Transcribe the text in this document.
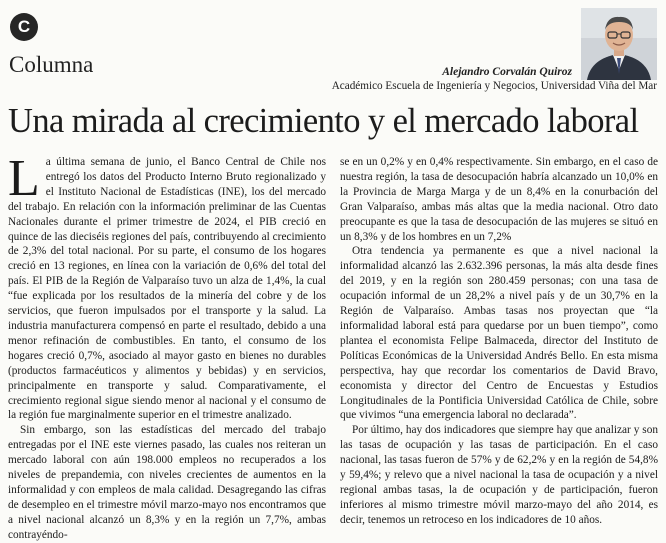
C
Columna	Alejandro Corvalán Quiroz
Académico Escuela de Ingeniería y Negocios, Universidad Viña del Mar
Una mirada al crecimiento y el mercado laboral

La última semana de junio, el Banco Central de Chile nos entregó los datos del Producto Interno Bruto regionalizado y el Instituto Nacional de Estadísticas (INE), los del mercado del trabajo. En relación con la información preliminar de las Cuentas Nacionales durante el primer trimestre de 2024, el PIB creció en quince de las dieciséis regiones del país, contribuyendo al crecimiento de 2,3% del total nacional. Por su parte, el consumo de los hogares creció en 13 regiones, en línea con la variación de 0,6% del total del país. El PIB de la Región de Valparaíso tuvo un alza de 1,4%, la cual “fue explicada por los resultados de la minería del cobre y de los servicios, que fueron impulsados por el transporte y la salud. La industria manufacturera compensó en parte el resultado, debido a una menor refinación de combustibles. En tanto, el consumo de los hogares creció 0,7%, asociado al mayor gasto en bienes no durables (productos farmacéuticos y alimentos y bebidas) y en servicios, principalmente en transporte y salud. Comparativamente, el crecimiento regional sigue siendo menor al nacional y el consumo de la región fue marginalmente superior en el trimestre analizado.

Sin embargo, son las estadísticas del mercado del trabajo entregadas por el INE este viernes pasado, las cuales nos reiteran un mercado laboral con aún 198.000 empleos no recuperados a los niveles de prepandemia, con niveles crecientes de aumentos en la informalidad y con empleos de mala calidad. Desagregando las cifras de desempleo en el trimestre móvil marzo-mayo nos encontramos que a nivel nacional alcanzó un 8,3% y en la región un 7,7%, ambas contrayéndo-

se en un 0,2% y en 0,4% respectivamente. Sin embargo, en el caso de nuestra región, la tasa de desocupación habría alcanzado un 10,0% en la Provincia de Marga Marga y de un 8,4% en la conurbación del Gran Valparaíso, ambas más altas que la media nacional. Otro dato preocupante es que la tasa de desocupación de las mujeres se situó en un 8,3% y de los hombres en un 7,2%

Otra tendencia ya permanente es que a nivel nacional la informalidad alcanzó las 2.632.396 personas, la más alta desde fines del 2019, y en la región son 280.459 personas; con una tasa de ocupación informal de un 28,2% a nivel país y de un 30,7% en la Región de Valparaíso. Ambas tasas nos proyectan que “la informalidad laboral está para quedarse por un buen tiempo”, como plantea el economista Felipe Balmaceda, director del Instituto de Políticas Económicas de la Universidad Andrés Bello. En esta misma perspectiva, hay que recordar los comentarios de David Bravo, economista y director del Centro de Encuestas y Estudios Longitudinales de la Pontificia Universidad Católica de Chile, sobre que vivimos “una emergencia laboral no declarada”.

Por último, hay dos indicadores que siempre hay que analizar y son las tasas de ocupación y las tasas de participación. En el caso nacional, las tasas fueron de 57% y de 62,2% y en la región de 54,8% y 59,4%; y relevo que a nivel nacional la tasa de ocupación y a nivel regional ambas tasas, la de ocupación y de participación, fueron inferiores al mismo trimestre móvil marzo-mayo del año 2014, es decir, tenemos un retroceso en los indicadores de 10 años.
